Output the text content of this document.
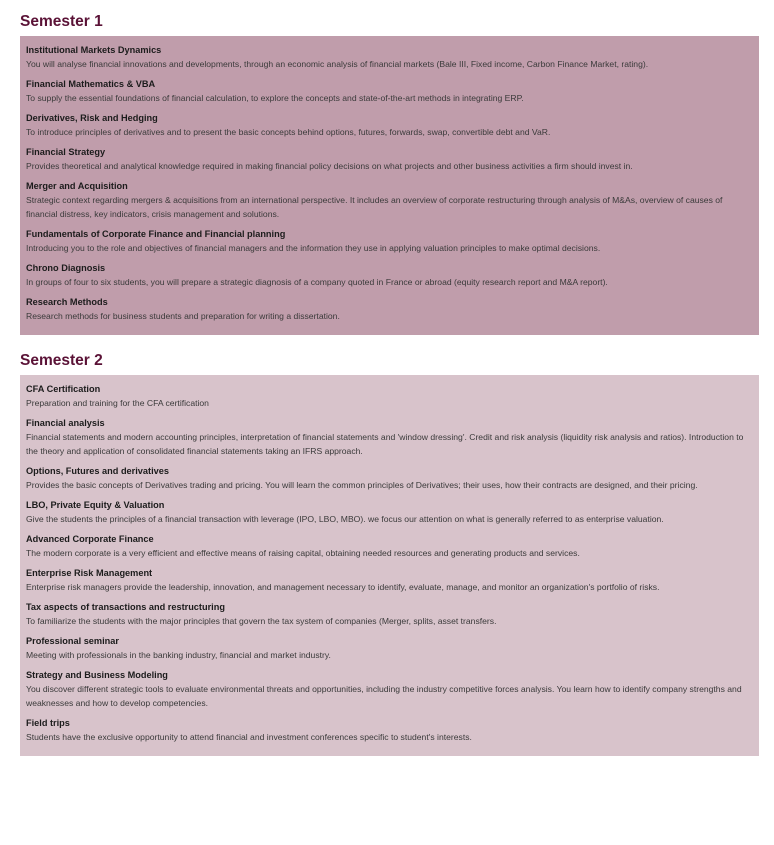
Semester 1

Institutional Markets Dynamics

You will analyse financial innovations and developments, through an economic analysis of financial markets (Bale III, Fixed income, Carbon Finance Market, rating).

Financial Mathematics & VBA

To supply the essential foundations of financial calculation, to explore the concepts and state-of-the-art methods in integrating ERP.

Derivatives, Risk and Hedging

To introduce principles of derivatives and to present the basic concepts behind options, futures, forwards, swap, convertible debt and VaR.

Financial Strategy

Provides theoretical and analytical knowledge required in making financial policy decisions on what projects and other business activities a firm should invest in.

Merger and Acquisition

Strategic context regarding mergers & acquisitions from an international perspective. It includes an overview of corporate restructuring through analysis of M&As, overview of causes of financial distress, key indicators, crisis management and solutions.

Fundamentals of Corporate Finance and Financial planning

Introducing you to the role and objectives of financial managers and the information they use in applying valuation principles to make optimal decisions.

Chrono Diagnosis

In groups of four to six students, you will prepare a strategic diagnosis of a company quoted in France or abroad (equity research report and M&A report).

Research Methods

Research methods for business students and preparation for writing a dissertation.

Semester 2

CFA Certification

Preparation and training for the CFA certification

Financial analysis

Financial statements and modern accounting principles, interpretation of financial statements and 'window dressing'. Credit and risk analysis (liquidity risk analysis and ratios). Introduction to the theory and application of consolidated financial statements taking an IFRS approach.

Options, Futures and derivatives

Provides the basic concepts of Derivatives trading and pricing. You will learn the common principles of Derivatives; their uses, how their contracts are designed, and their pricing.

LBO, Private Equity & Valuation

Give the students the principles of a financial transaction with leverage (IPO, LBO, MBO). we focus our attention on what is generally referred to as enterprise valuation.

Advanced Corporate Finance

The modern corporate is a very efficient and effective means of raising capital, obtaining needed resources and generating products and services.

Enterprise Risk Management

Enterprise risk managers provide the leadership, innovation, and management necessary to identify, evaluate, manage, and monitor an organization's portfolio of risks.

Tax aspects of transactions and restructuring

To familiarize the students with the major principles that govern the tax system of companies (Merger, splits, asset transfers.

Professional seminar

Meeting with professionals in the banking industry, financial and market industry.

Strategy and Business Modeling

You discover different strategic tools to evaluate environmental threats and opportunities, including the industry competitive forces analysis. You learn how to identify company strengths and weaknesses and how to develop competencies.

Field trips

Students have the exclusive opportunity to attend financial and investment conferences specific to student's interests.
